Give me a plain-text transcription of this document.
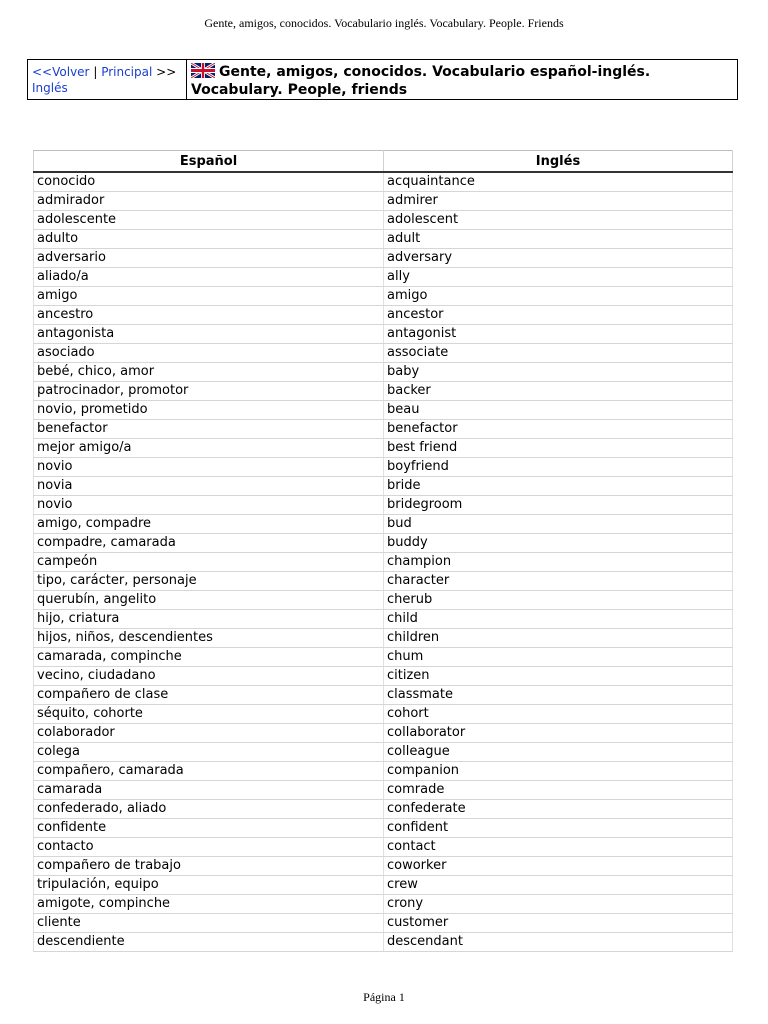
Gente, amigos, conocidos. Vocabulario inglés. Vocabulary. People. Friends
<<Volver | Principal >>
Inglés
Gente, amigos, conocidos. Vocabulario español-inglés. Vocabulary. People, friends
Español	Inglés
conocido	acquaintance
admirador	admirer
adolescente	adolescent
adulto	adult
adversario	adversary
aliado/a	ally
amigo	amigo
ancestro	ancestor
antagonista	antagonist
asociado	associate
bebé, chico, amor	baby
patrocinador, promotor	backer
novio, prometido	beau
benefactor	benefactor
mejor amigo/a	best friend
novio	boyfriend
novia	bride
novio	bridegroom
amigo, compadre	bud
compadre, camarada	buddy
campeón	champion
tipo, carácter, personaje	character
querubín, angelito	cherub
hijo, criatura	child
hijos, niños, descendientes	children
camarada, compinche	chum
vecino, ciudadano	citizen
compañero de clase	classmate
séquito, cohorte	cohort
colaborador	collaborator
colega	colleague
compañero, camarada	companion
camarada	comrade
confederado, aliado	confederate
confidente	confident
contacto	contact
compañero de trabajo	coworker
tripulación, equipo	crew
amigote, compinche	crony
cliente	customer
descendiente	descendant
Página 1
